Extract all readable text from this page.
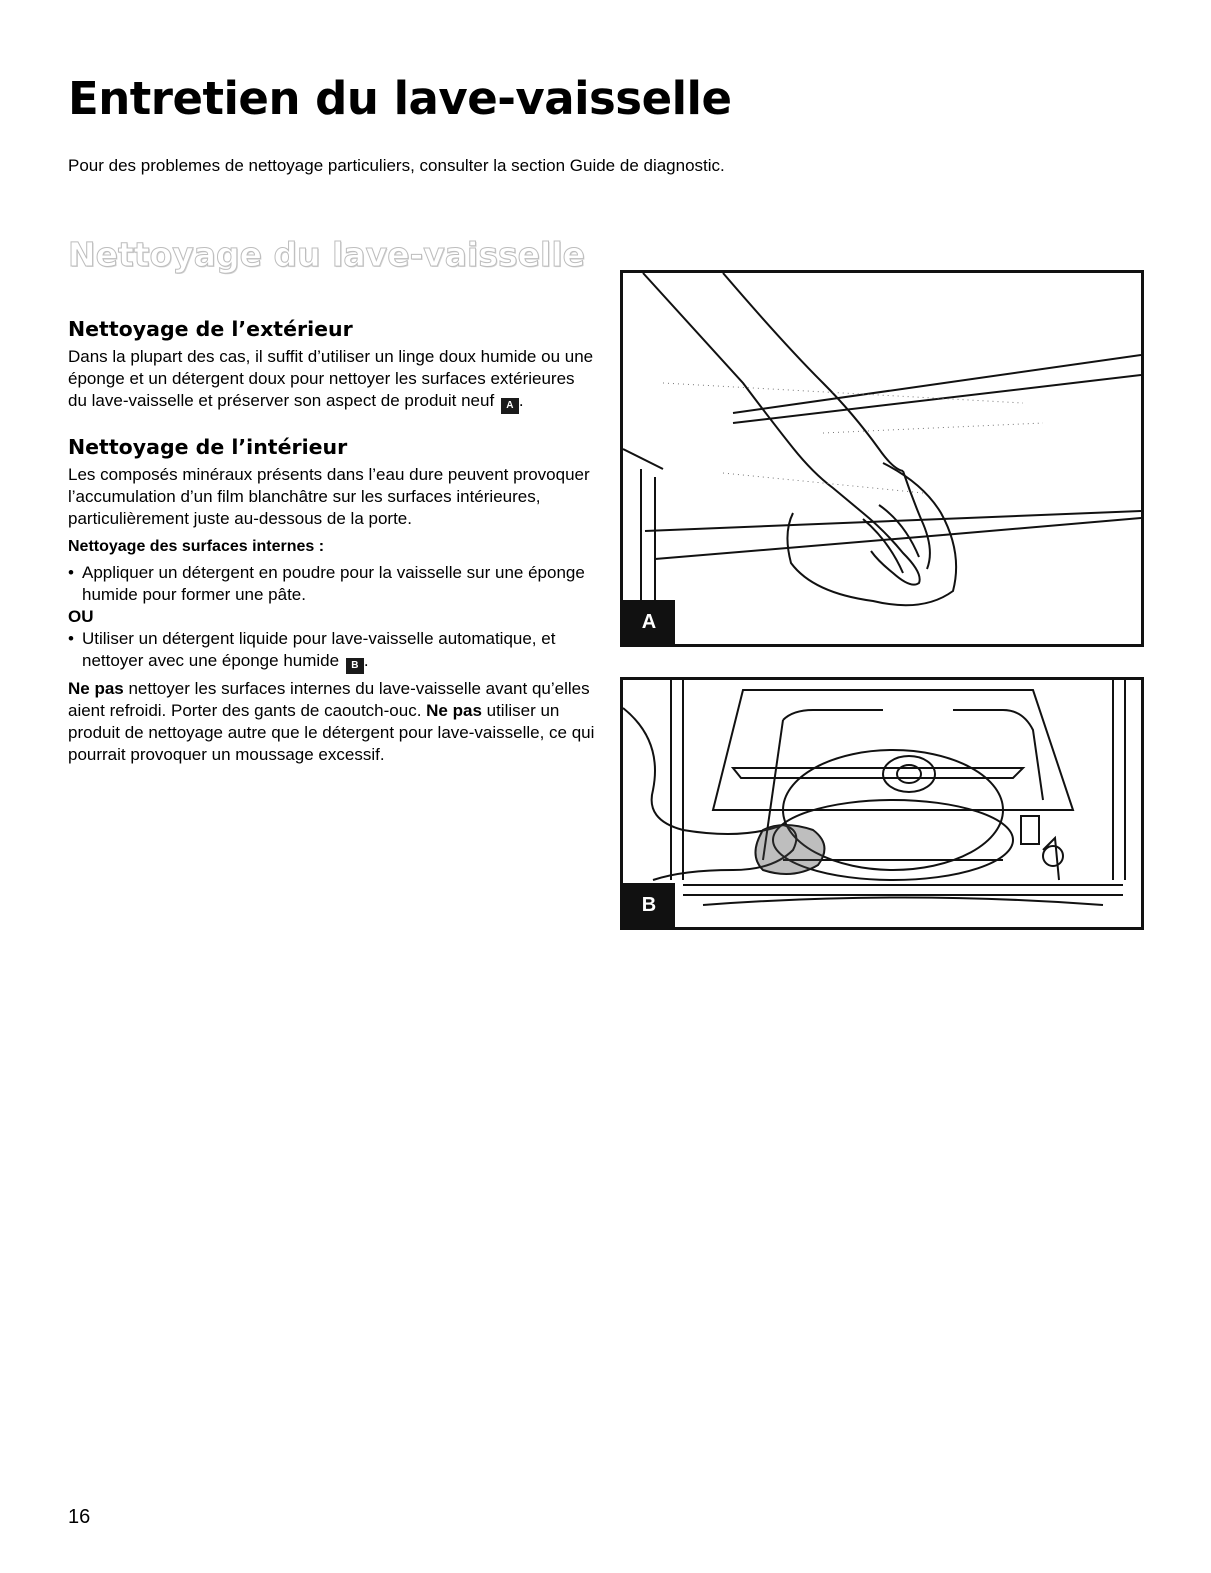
Entretien du lave-vaisselle

Pour des problemes de nettoyage particuliers, consulter la section Guide de diagnostic.

Nettoyage du lave-vaisselle
Nettoyage de l’extérieur

Dans la plupart des cas, il suffit d’utiliser un linge doux humide ou une éponge et un détergent doux pour nettoyer les surfaces extérieures du lave-vaisselle et préserver son aspect de produit neuf A .

Nettoyage de l’intérieur

Les composés minéraux présents dans l’eau dure peuvent provoquer l’accumulation d’un film blanchâtre sur les surfaces intérieures, particulièrement juste au-dessous de la porte.

Nettoyage des surfaces internes :
• Appliquer un détergent en poudre pour la vaisselle sur une éponge humide pour former une pâte.

OU

• Utiliser un détergent liquide pour lave-vaisselle automatique, et nettoyer avec une éponge humide B .

Ne pas nettoyer les surfaces internes du lave-vaisselle avant qu’elles aient refroidi. Porter des gants de caoutch-ouc. Ne pas utiliser un produit de nettoyage autre que le détergent pour lave-vaisselle, ce qui pourrait provoquer un moussage excessif.

A
B

16
